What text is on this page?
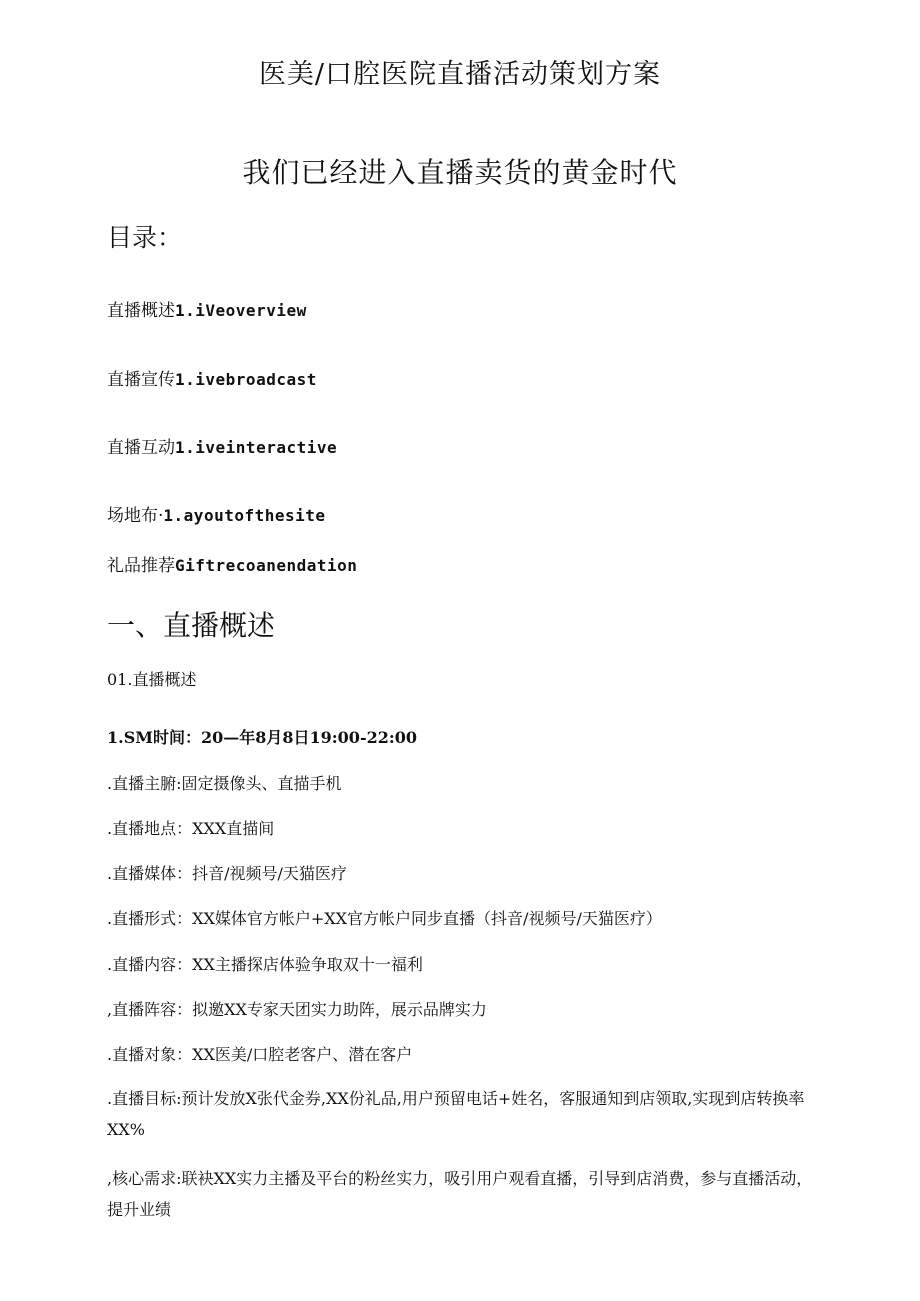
医美/口腔医院直播活动策划方案
我们已经进入直播卖货的黄金时代
目录：
直播概述1.iVeoverview
直播宣传1.ivebroadcast
直播互动1.iveinteractive
场地布·1.ayoutofthesite
礼品推荐Giftrecoanendation
一、直播概述
01.直播概述
1.SM时间：20—年8月8日19:00-22:00
.直播主腑:固定摄像头、直描手机
.直播地点：XXX直描间
.直播媒体：抖音/视频号/天猫医疗
.直播形式：XX媒体官方帐户+XX官方帐户同步直播（抖音/视频号/天猫医疗）
.直播内容：XX主播探店体验争取双十一福利
,直播阵容：拟邀XX专家天团实力助阵，展示品牌实力
.直播对象：XX医美/口腔老客户、潜在客户
.直播目标:预计发放X张代金券,XX份礼品,用户预留电话+姓名，客服通知到店领取,实现到店转换率XX%
,核心需求:联袂XX实力主播及平台的粉丝实力，吸引用户观看直播，引导到店消费，参与直播活动，提升业绩
